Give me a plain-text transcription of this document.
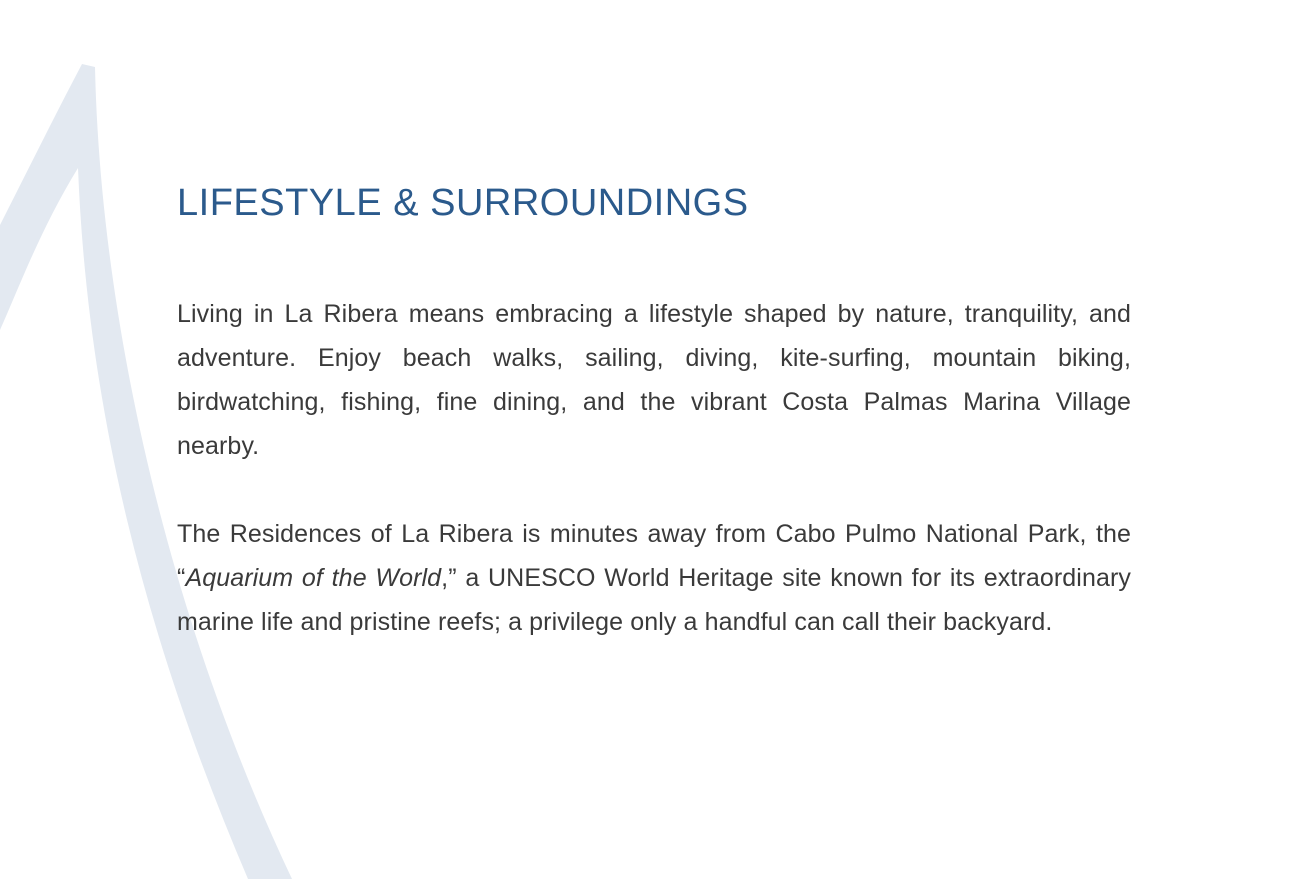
LIFESTYLE & SURROUNDINGS

Living in La Ribera means embracing a lifestyle shaped by nature, tranquility, and adventure. Enjoy beach walks, sailing, diving, kite-surfing, mountain biking, birdwatching, fishing, fine dining, and the vibrant Costa Palmas Marina Village nearby.

The Residences of La Ribera is minutes away from Cabo Pulmo National Park, the “Aquarium of the World,” a UNESCO World Heritage site known for its extraordinary marine life and pristine reefs; a privilege only a handful can call their backyard.
